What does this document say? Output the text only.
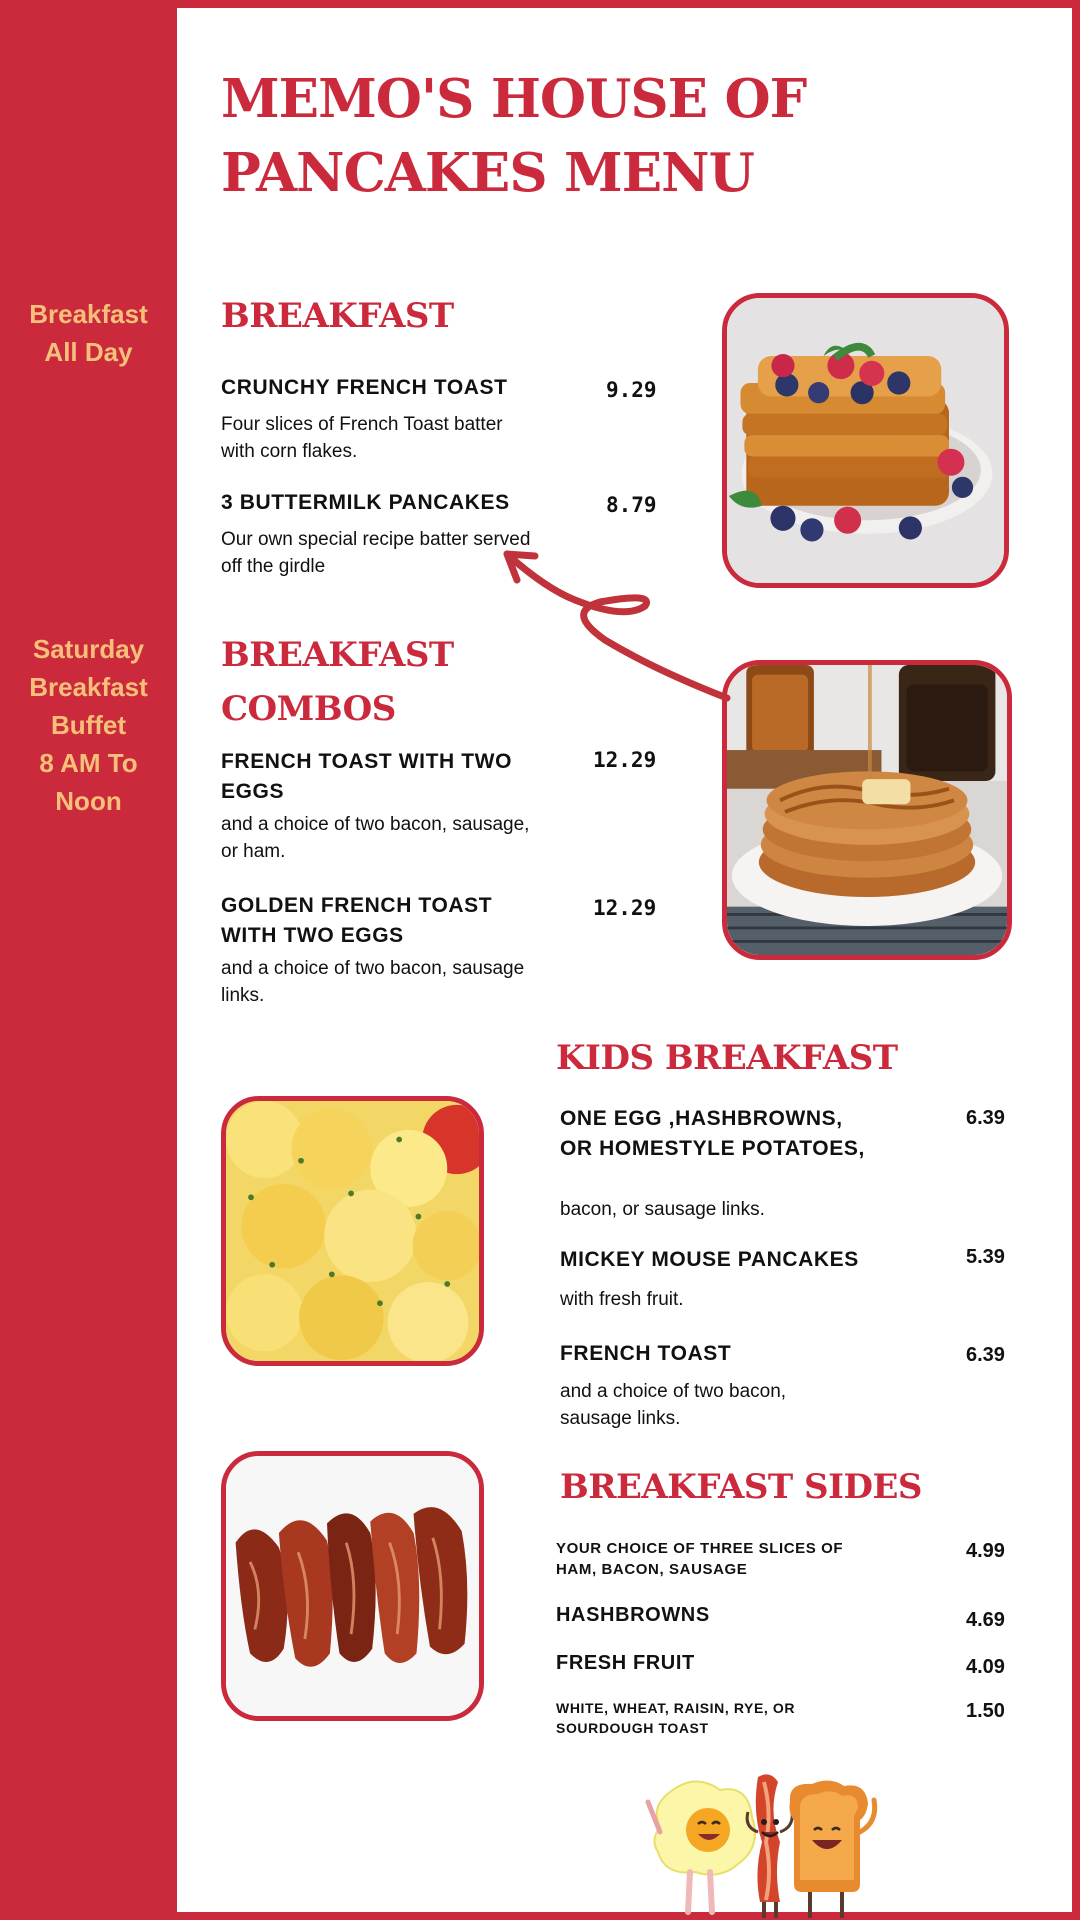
Breakfast
All Day
Saturday
Breakfast
Buffet
8 AM To
Noon
MEMO'S HOUSE OF PANCAKES MENU
BREAKFAST
CRUNCHY FRENCH TOAST	9.29
Four slices of French Toast batter with corn flakes.
3 BUTTERMILK PANCAKES	8.79
Our own special recipe batter served off the girdle
BREAKFAST COMBOS
FRENCH TOAST WITH TWO EGGS
12.29
and a choice of two bacon, sausage, or ham.
GOLDEN FRENCH TOAST WITH TWO EGGS
12.29
and a choice of two bacon, sausage links.
KIDS BREAKFAST
ONE EGG ,HASHBROWNS, OR HOMESTYLE POTATOES,
6.39
bacon, or sausage links.
MICKEY MOUSE PANCAKES	5.39
with fresh fruit.
FRENCH TOAST	6.39
and a choice of two bacon, sausage links.
BREAKFAST SIDES
YOUR CHOICE OF THREE SLICES OF HAM, BACON, SAUSAGE
4.99
HASHBROWNS	4.69
FRESH FRUIT	4.09
WHITE, WHEAT, RAISIN, RYE, OR SOURDOUGH TOAST
1.50
